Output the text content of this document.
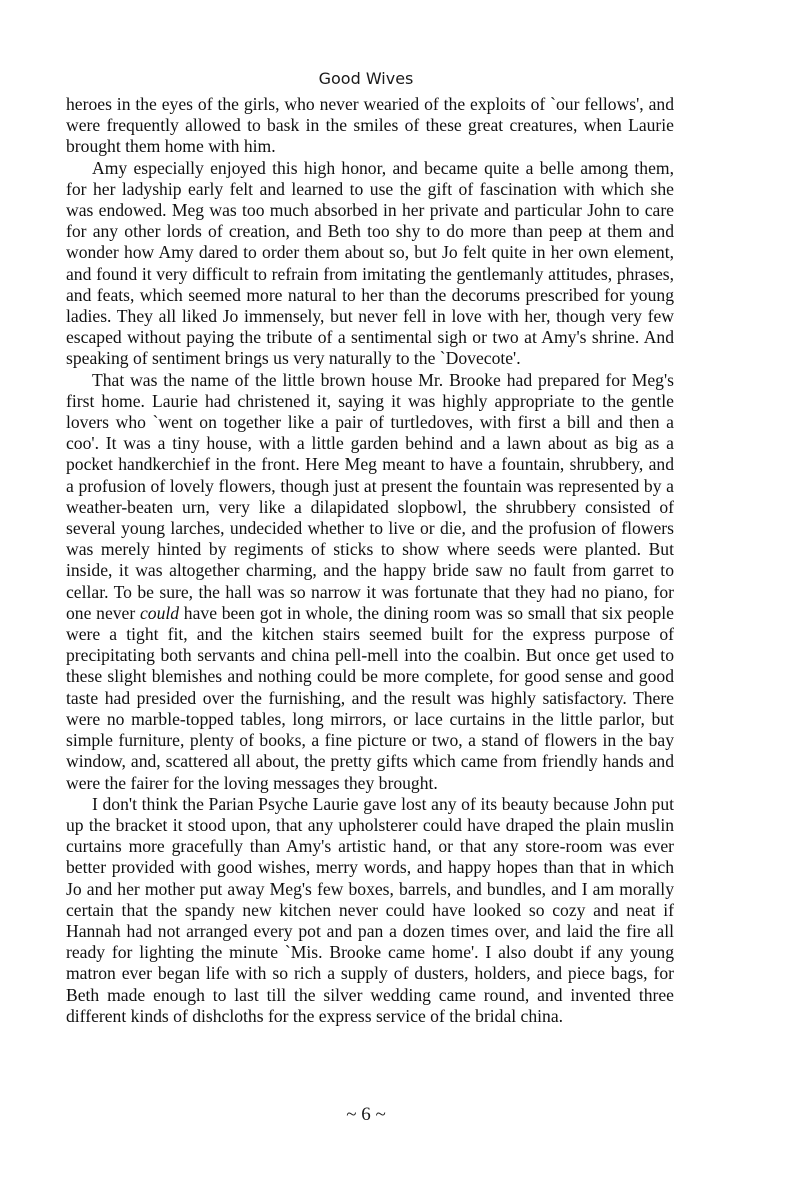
Good Wives

heroes in the eyes of the girls, who never wearied of the exploits of `our fellows', and were frequently allowed to bask in the smiles of these great creatures, when Laurie brought them home with him.

Amy especially enjoyed this high honor, and became quite a belle among them, for her ladyship early felt and learned to use the gift of fascination with which she was endowed. Meg was too much absorbed in her private and particular John to care for any other lords of creation, and Beth too shy to do more than peep at them and wonder how Amy dared to order them about so, but Jo felt quite in her own element, and found it very difficult to refrain from imitating the gentlemanly attitudes, phrases, and feats, which seemed more natural to her than the decorums prescribed for young ladies. They all liked Jo immensely, but never fell in love with her, though very few escaped without paying the tribute of a sentimental sigh or two at Amy's shrine. And speaking of sentiment brings us very naturally to the `Dovecote'.

That was the name of the little brown house Mr. Brooke had prepared for Meg's first home. Laurie had christened it, saying it was highly appropriate to the gentle lovers who `went on together like a pair of turtledoves, with first a bill and then a coo'. It was a tiny house, with a little garden behind and a lawn about as big as a pocket handkerchief in the front. Here Meg meant to have a fountain, shrubbery, and a profusion of lovely flowers, though just at present the fountain was represented by a weather-beaten urn, very like a dilapidated slopbowl, the shrubbery consisted of several young larches, undecided whether to live or die, and the profusion of flowers was merely hinted by regiments of sticks to show where seeds were planted. But inside, it was altogether charming, and the happy bride saw no fault from garret to cellar. To be sure, the hall was so narrow it was fortunate that they had no piano, for one never could have been got in whole, the dining room was so small that six people were a tight fit, and the kitchen stairs seemed built for the express purpose of precipitating both servants and china pell-mell into the coalbin. But once get used to these slight blemishes and nothing could be more complete, for good sense and good taste had presided over the furnishing, and the result was highly satisfactory. There were no marble-topped tables, long mirrors, or lace curtains in the little parlor, but simple furniture, plenty of books, a fine picture or two, a stand of flowers in the bay window, and, scattered all about, the pretty gifts which came from friendly hands and were the fairer for the loving messages they brought.

I don't think the Parian Psyche Laurie gave lost any of its beauty because John put up the bracket it stood upon, that any upholsterer could have draped the plain muslin curtains more gracefully than Amy's artistic hand, or that any store-room was ever better provided with good wishes, merry words, and happy hopes than that in which Jo and her mother put away Meg's few boxes, barrels, and bundles, and I am morally certain that the spandy new kitchen never could have looked so cozy and neat if Hannah had not arranged every pot and pan a dozen times over, and laid the fire all ready for lighting the minute `Mis. Brooke came home'. I also doubt if any young matron ever began life with so rich a supply of dusters, holders, and piece bags, for Beth made enough to last till the silver wedding came round, and invented three different kinds of dishcloths for the express service of the bridal china.

~ 6 ~
